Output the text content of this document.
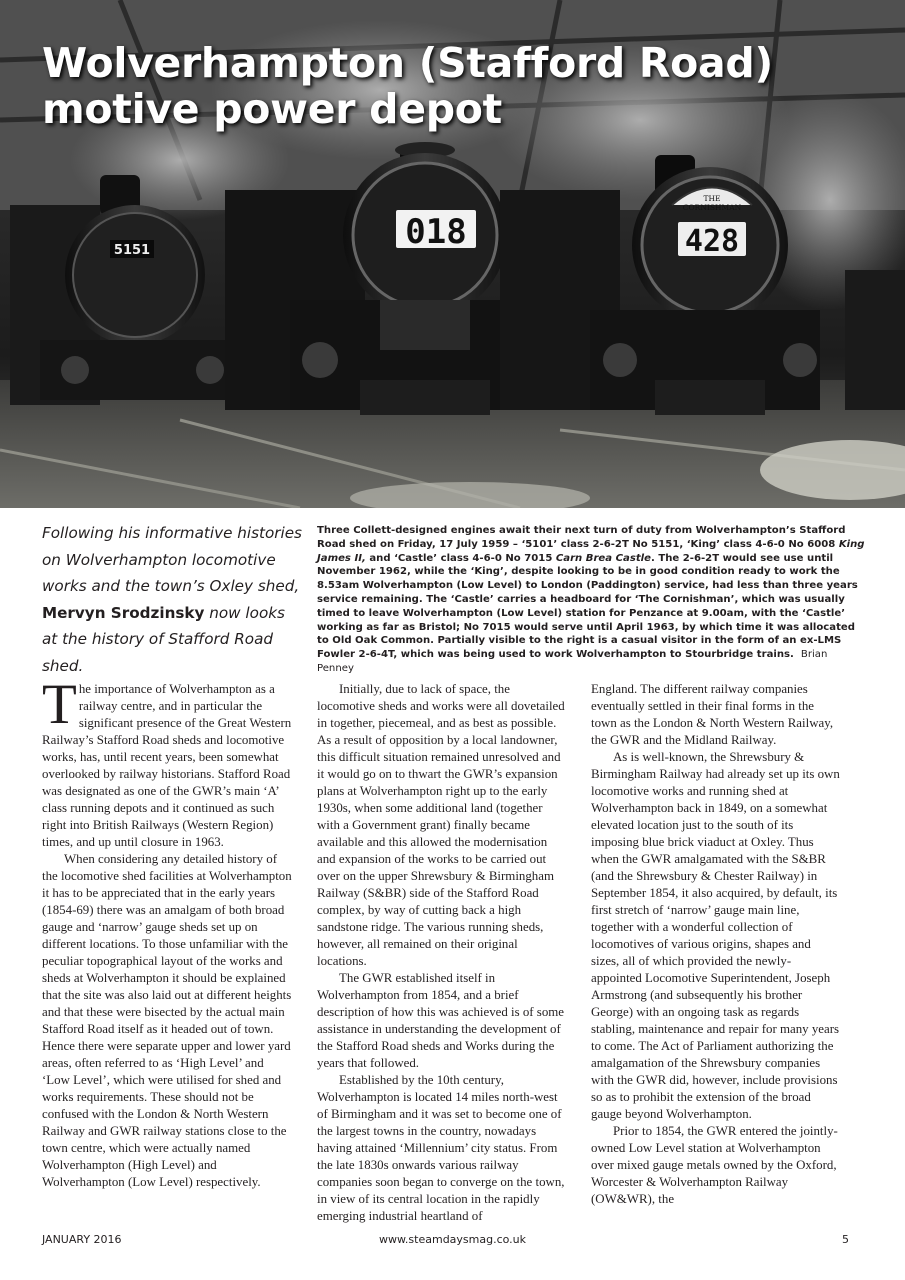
5151	018
THE
CORNISHMAN
428
Wolverhampton (Stafford Road)
motive power depot

Following his informative histories on Wolverhampton locomotive works and the town’s Oxley shed, Mervyn Srodzinsky now looks at the history of Stafford Road shed.

Three Collett-designed engines await their next turn of duty from Wolverhampton’s Stafford Road shed on Friday, 17 July 1959 – ‘5101’ class 2-6-2T No 5151, ‘King’ class 4-6-0 No 6008 King James II, and ‘Castle’ class 4-6-0 No 7015 Carn Brea Castle. The 2-6-2T would see use until November 1962, while the ‘King’, despite looking to be in good condition ready to work the 8.53am Wolverhampton (Low Level) to London (Paddington) service, had less than three years service remaining. The ‘Castle’ carries a headboard for ‘The Cornishman’, which was usually timed to leave Wolverhampton (Low Level) station for Penzance at 9.00am, with the ‘Castle’ working as far as Bristol; No 7015 would serve until April 1963, by which time it was allocated to Old Oak Common. Partially visible to the right is a casual visitor in the form of an ex-LMS Fowler 2-6-4T, which was being used to work Wolverhampton to Stourbridge trains. Brian Penney

The importance of Wolverhampton as a railway centre, and in particular the significant presence of the Great Western Railway’s Stafford Road sheds and locomotive works, has, until recent years, been somewhat overlooked by railway historians. Stafford Road was designated as one of the GWR’s main ‘A’ class running depots and it continued as such right into British Railways (Western Region) times, and up until closure in 1963.

When considering any detailed history of the locomotive shed facilities at Wolverhampton it has to be appreciated that in the early years (1854-69) there was an amalgam of both broad gauge and ‘narrow’ gauge sheds set up on different locations. To those unfamiliar with the peculiar topographical layout of the works and sheds at Wolverhampton it should be explained that the site was also laid out at different heights and that these were bisected by the actual main Stafford Road itself as it headed out of town. Hence there were separate upper and lower yard areas, often referred to as ‘High Level’ and ‘Low Level’, which were utilised for shed and works requirements. These should not be confused with the London & North Western Railway and GWR railway stations close to the town centre, which were actually named Wolverhampton (High Level) and Wolverhampton (Low Level) respectively.

Initially, due to lack of space, the locomotive sheds and works were all dovetailed in together, piecemeal, and as best as possible. As a result of opposition by a local landowner, this difficult situation remained unresolved and it would go on to thwart the GWR’s expansion plans at Wolverhampton right up to the early 1930s, when some additional land (together with a Government grant) finally became available and this allowed the modernisation and expansion of the works to be carried out over on the upper Shrewsbury & Birmingham Railway (S&BR) side of the Stafford Road complex, by way of cutting back a high sandstone ridge. The various running sheds, however, all remained on their original locations.

The GWR established itself in Wolverhampton from 1854, and a brief description of how this was achieved is of some assistance in understanding the development of the Stafford Road sheds and Works during the years that followed.

Established by the 10th century, Wolverhampton is located 14 miles north-west of Birmingham and it was set to become one of the largest towns in the country, nowadays having attained ‘Millennium’ city status. From the late 1830s onwards various railway companies soon began to converge on the town, in view of its central location in the rapidly emerging industrial heartland of

England. The different railway companies eventually settled in their final forms in the town as the London & North Western Railway, the GWR and the Midland Railway.

As is well-known, the Shrewsbury & Birmingham Railway had already set up its own locomotive works and running shed at Wolverhampton back in 1849, on a somewhat elevated location just to the south of its imposing blue brick viaduct at Oxley. Thus when the GWR amalgamated with the S&BR (and the Shrewsbury & Chester Railway) in September 1854, it also acquired, by default, its first stretch of ‘narrow’ gauge main line, together with a wonderful collection of locomotives of various origins, shapes and sizes, all of which provided the newly-appointed Locomotive Superintendent, Joseph Armstrong (and subsequently his brother George) with an ongoing task as regards stabling, maintenance and repair for many years to come. The Act of Parliament authorizing the amalgamation of the Shrewsbury companies with the GWR did, however, include provisions so as to prohibit the extension of the broad gauge beyond Wolverhampton.

Prior to 1854, the GWR entered the jointly-owned Low Level station at Wolverhampton over mixed gauge metals owned by the Oxford, Worcester & Wolverhampton Railway (OW&WR), the

JANUARY 2016	www.steamdaysmag.co.uk	5
